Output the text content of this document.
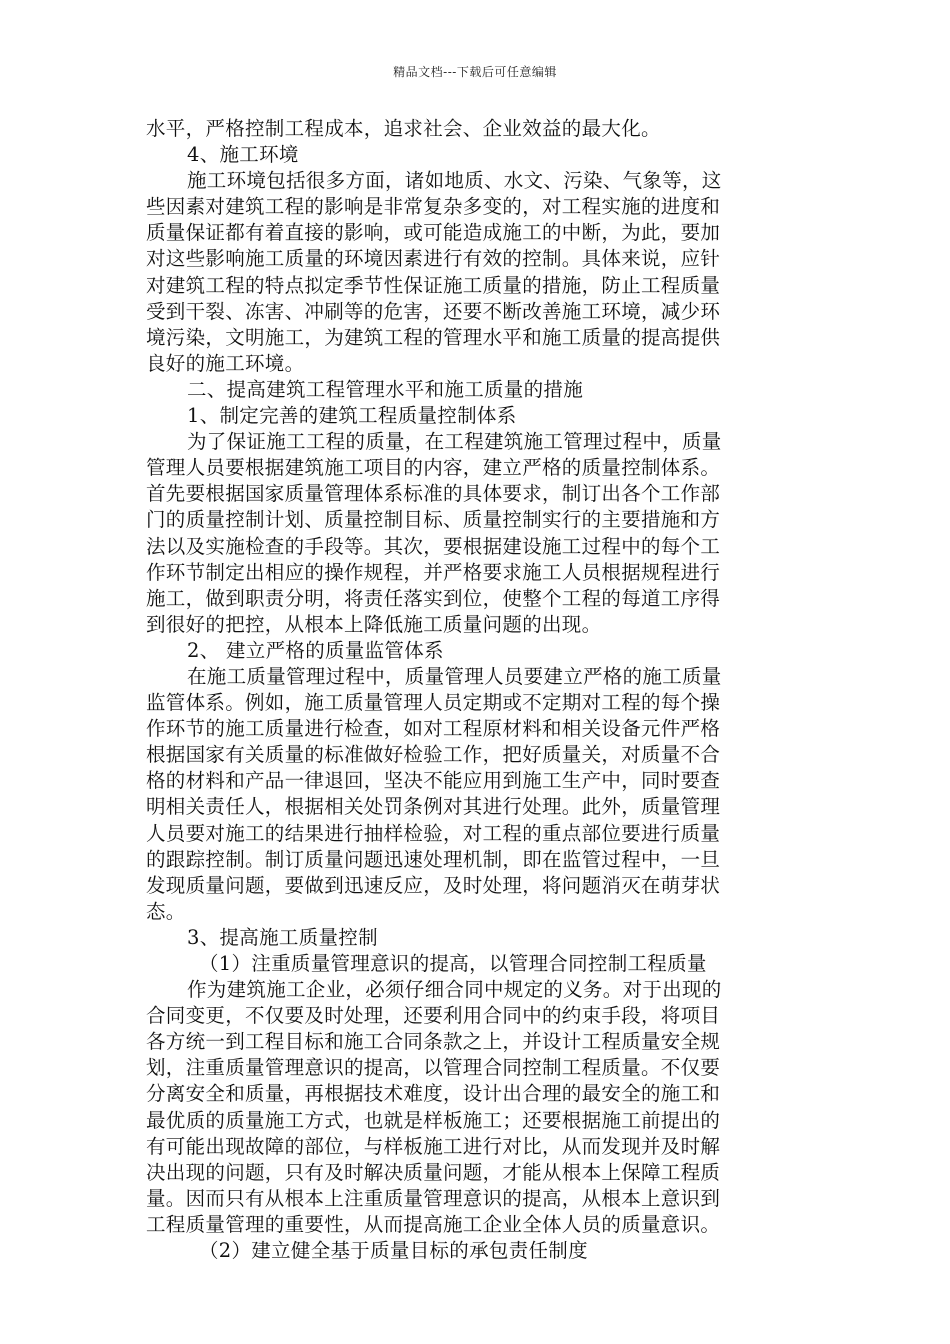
精品文档---下载后可任意编辑
水平，严格控制工程成本，追求社会、企业效益的最大化。
4、施工环境
施工环境包括很多方面，诸如地质、水文、污染、气象等，这
些因素对建筑工程的影响是非常复杂多变的，对工程实施的进度和
质量保证都有着直接的影响，或可能造成施工的中断，为此，要加
对这些影响施工质量的环境因素进行有效的控制。具体来说，应针
对建筑工程的特点拟定季节性保证施工质量的措施，防止工程质量
受到干裂、冻害、冲刷等的危害，还要不断改善施工环境，减少环
境污染，文明施工，为建筑工程的管理水平和施工质量的提高提供
良好的施工环境。
二、提高建筑工程管理水平和施工质量的措施
1、制定完善的建筑工程质量控制体系
为了保证施工工程的质量，在工程建筑施工管理过程中，质量
管理人员要根据建筑施工项目的内容，建立严格的质量控制体系。
首先要根据国家质量管理体系标准的具体要求，制订出各个工作部
门的质量控制计划、质量控制目标、质量控制实行的主要措施和方
法以及实施检查的手段等。其次，要根据建设施工过程中的每个工
作环节制定出相应的操作规程，并严格要求施工人员根据规程进行
施工，做到职责分明，将责任落实到位，使整个工程的每道工序得
到很好的把控，从根本上降低施工质量问题的出现。
2、 建立严格的质量监管体系
在施工质量管理过程中，质量管理人员要建立严格的施工质量
监管体系。例如，施工质量管理人员定期或不定期对工程的每个操
作环节的施工质量进行检查，如对工程原材料和相关设备元件严格
根据国家有关质量的标准做好检验工作，把好质量关，对质量不合
格的材料和产品一律退回，坚决不能应用到施工生产中，同时要查
明相关责任人，根据相关处罚条例对其进行处理。此外，质量管理
人员要对施工的结果进行抽样检验，对工程的重点部位要进行质量
的跟踪控制。制订质量问题迅速处理机制，即在监管过程中，一旦
发现质量问题，要做到迅速反应，及时处理，将问题消灭在萌芽状
态。
3、提高施工质量控制
（1）注重质量管理意识的提高，以管理合同控制工程质量
作为建筑施工企业，必须仔细合同中规定的义务。对于出现的
合同变更，不仅要及时处理，还要利用合同中的约束手段，将项目
各方统一到工程目标和施工合同条款之上，并设计工程质量安全规
划，注重质量管理意识的提高，以管理合同控制工程质量。不仅要
分离安全和质量，再根据技术难度，设计出合理的最安全的施工和
最优质的质量施工方式，也就是样板施工；还要根据施工前提出的
有可能出现故障的部位，与样板施工进行对比，从而发现并及时解
决出现的问题，只有及时解决质量问题，才能从根本上保障工程质
量。因而只有从根本上注重质量管理意识的提高，从根本上意识到
工程质量管理的重要性，从而提高施工企业全体人员的质量意识。
（2）建立健全基于质量目标的承包责任制度
